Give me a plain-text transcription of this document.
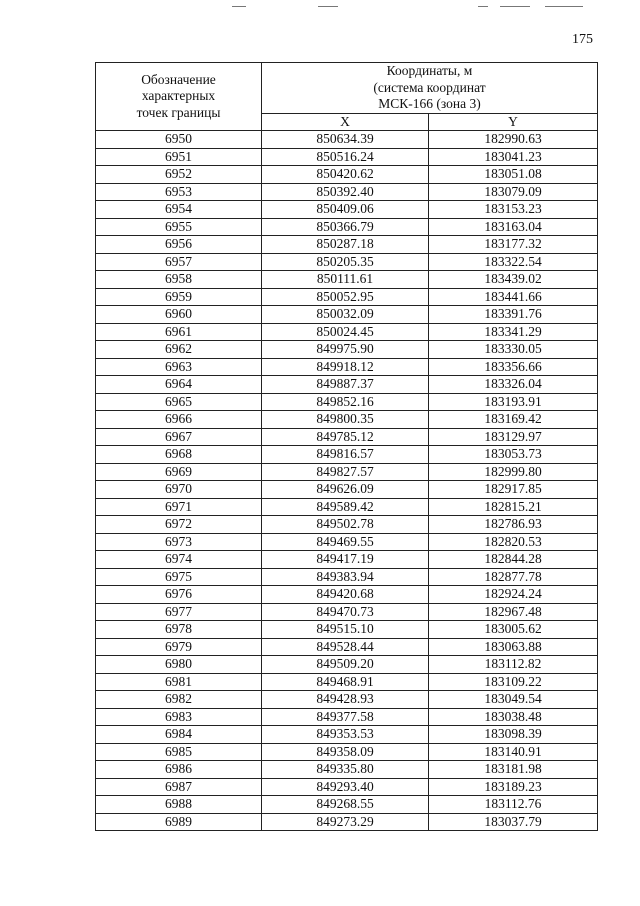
175
Обозначение
характерных
точек границы	Координаты, м
(система координат
МСК-166 (зона 3)	

	X	Y
6950	850634.39	182990.63
6951	850516.24	183041.23
6952	850420.62	183051.08
6953	850392.40	183079.09
6954	850409.06	183153.23
6955	850366.79	183163.04
6956	850287.18	183177.32
6957	850205.35	183322.54
6958	850111.61	183439.02
6959	850052.95	183441.66
6960	850032.09	183391.76
6961	850024.45	183341.29
6962	849975.90	183330.05
6963	849918.12	183356.66
6964	849887.37	183326.04
6965	849852.16	183193.91
6966	849800.35	183169.42
6967	849785.12	183129.97
6968	849816.57	183053.73
6969	849827.57	182999.80
6970	849626.09	182917.85
6971	849589.42	182815.21
6972	849502.78	182786.93
6973	849469.55	182820.53
6974	849417.19	182844.28
6975	849383.94	182877.78
6976	849420.68	182924.24
6977	849470.73	182967.48
6978	849515.10	183005.62
6979	849528.44	183063.88
6980	849509.20	183112.82
6981	849468.91	183109.22
6982	849428.93	183049.54
6983	849377.58	183038.48
6984	849353.53	183098.39
6985	849358.09	183140.91
6986	849335.80	183181.98
6987	849293.40	183189.23
6988	849268.55	183112.76
6989	849273.29	183037.79
